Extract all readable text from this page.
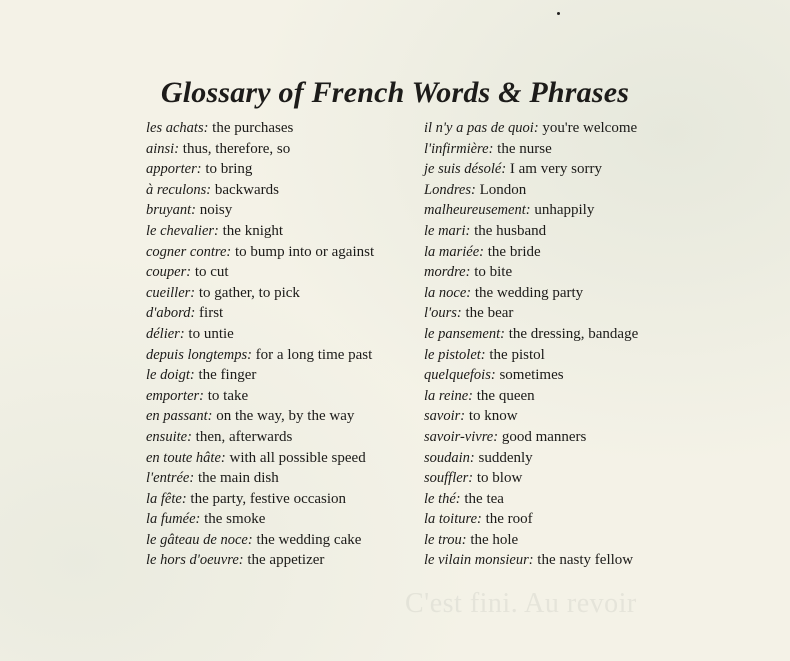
C'est fini. Au revoir
Glossary of French Words & Phrases
les achats: the purchases
ainsi: thus, therefore, so
apporter: to bring
à reculons: backwards
bruyant: noisy
le chevalier: the knight
cogner contre: to bump into or against
couper: to cut
cueiller: to gather, to pick
d'abord: first
délier: to untie
depuis longtemps: for a long time past
le doigt: the finger
emporter: to take
en passant: on the way, by the way
ensuite: then, afterwards
en toute hâte: with all possible speed
l'entrée: the main dish
la fête: the party, festive occasion
la fumée: the smoke
le gâteau de noce: the wedding cake
le hors d'oeuvre: the appetizer
il n'y a pas de quoi: you're welcome
l'infirmière: the nurse
je suis désolé: I am very sorry
Londres: London
malheureusement: unhappily
le mari: the husband
la mariée: the bride
mordre: to bite
la noce: the wedding party
l'ours: the bear
le pansement: the dressing, bandage
le pistolet: the pistol
quelquefois: sometimes
la reine: the queen
savoir: to know
savoir-vivre: good manners
soudain: suddenly
souffler: to blow
le thé: the tea
la toiture: the roof
le trou: the hole
le vilain monsieur: the nasty fellow
